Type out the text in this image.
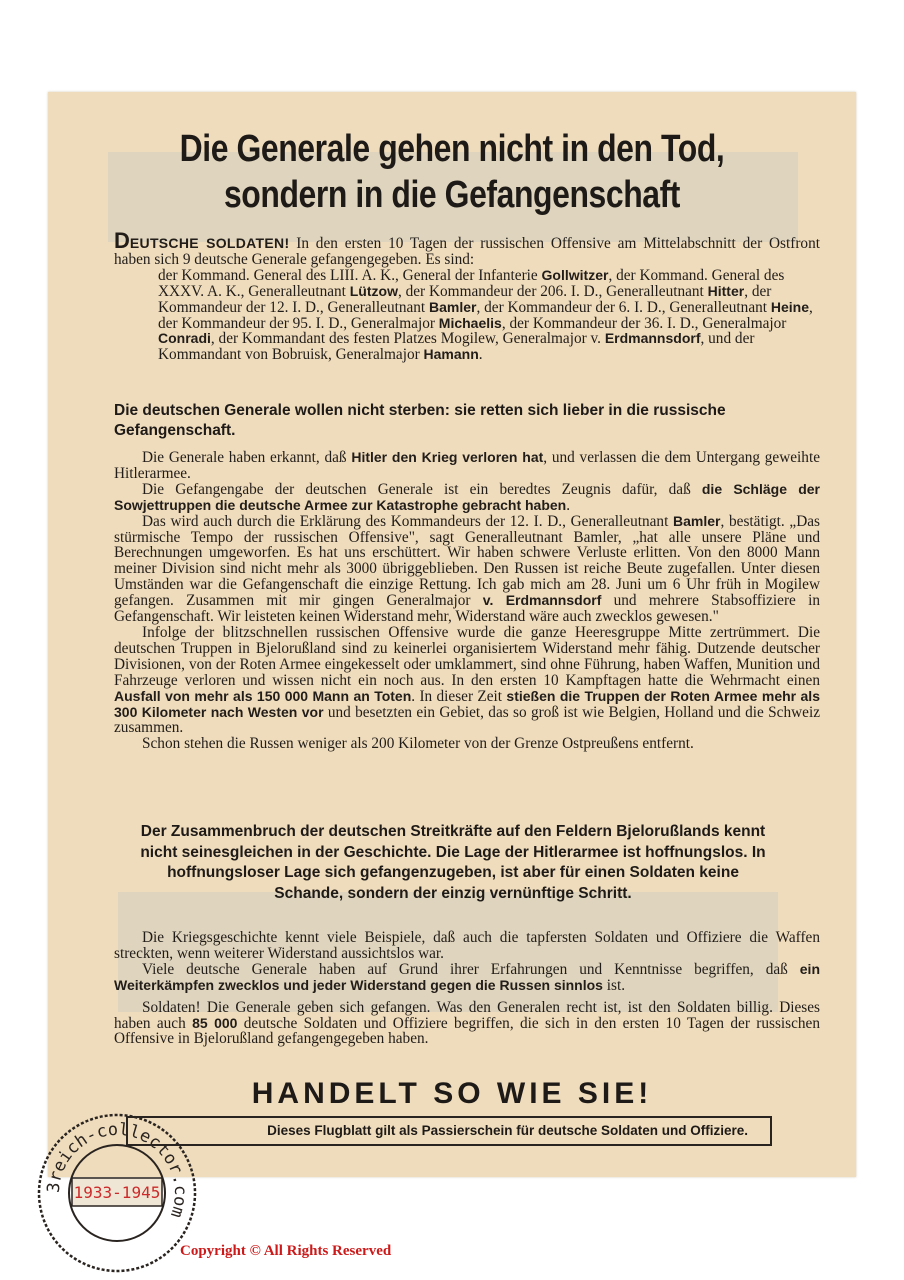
Die Generale gehen nicht in den Tod,
sondern in die Gefangenschaft

DEUTSCHE SOLDATEN! In den ersten 10 Tagen der russischen Offensive am Mittelabschnitt der Ostfront haben sich 9 deutsche Generale gefangengegeben. Es sind:

der Kommand. General des LIII. A. K., General der Infanterie Gollwitzer, der Kommand. General des XXXV. A. K., Generalleutnant Lützow, der Kommandeur der 206. I. D., Generalleutnant Hitter, der Kommandeur der 12. I. D., Generalleutnant Bamler, der Kommandeur der 6. I. D., Generalleutnant Heine, der Kommandeur der 95. I. D., Generalmajor Michaelis, der Kommandeur der 36. I. D., Generalmajor Conradi, der Kommandant des festen Platzes Mogilew, Generalmajor v. Erdmannsdorf, und der Kommandant von Bobruisk, Generalmajor Hamann.

Die deutschen Generale wollen nicht sterben: sie retten sich lieber in die russische Gefangenschaft.

Die Generale haben erkannt, daß Hitler den Krieg verloren hat, und verlassen die dem Untergang geweihte Hitlerarmee.

Die Gefangengabe der deutschen Generale ist ein beredtes Zeugnis dafür, daß die Schläge der Sowjettruppen die deutsche Armee zur Katastrophe gebracht haben.

Das wird auch durch die Erklärung des Kommandeurs der 12. I. D., Generalleutnant Bamler, bestätigt. „Das stürmische Tempo der russischen Offensive", sagt Generalleutnant Bamler, „hat alle unsere Pläne und Berechnungen umgeworfen. Es hat uns erschüttert. Wir haben schwere Verluste erlitten. Von den 8000 Mann meiner Division sind nicht mehr als 3000 übriggeblieben. Den Russen ist reiche Beute zugefallen. Unter diesen Umständen war die Gefangenschaft die einzige Rettung. Ich gab mich am 28. Juni um 6 Uhr früh in Mogilew gefangen. Zusammen mit mir gingen Generalmajor v. Erdmannsdorf und mehrere Stabsoffiziere in Gefangenschaft. Wir leisteten keinen Widerstand mehr, Widerstand wäre auch zwecklos gewesen."

Infolge der blitzschnellen russischen Offensive wurde die ganze Heeresgruppe Mitte zertrümmert. Die deutschen Truppen in Bjelorußland sind zu keinerlei organisiertem Widerstand mehr fähig. Dutzende deutscher Divisionen, von der Roten Armee eingekesselt oder umklammert, sind ohne Führung, haben Waffen, Munition und Fahrzeuge verloren und wissen nicht ein noch aus. In den ersten 10 Kampftagen hatte die Wehrmacht einen Ausfall von mehr als 150 000 Mann an Toten. In dieser Zeit stießen die Truppen der Roten Armee mehr als 300 Kilometer nach Westen vor und besetzten ein Gebiet, das so groß ist wie Belgien, Holland und die Schweiz zusammen.

Schon stehen die Russen weniger als 200 Kilometer von der Grenze Ostpreußens entfernt.

Der Zusammenbruch der deutschen Streitkräfte auf den Feldern Bjelorußlands kennt nicht seinesgleichen in der Geschichte. Die Lage der Hitlerarmee ist hoffnungslos. In hoffnungsloser Lage sich gefangenzugeben, ist aber für einen Soldaten keine Schande, sondern der einzig vernünftige Schritt.

Die Kriegsgeschichte kennt viele Beispiele, daß auch die tapfersten Soldaten und Offiziere die Waffen streckten, wenn weiterer Widerstand aussichtslos war.

Viele deutsche Generale haben auf Grund ihrer Erfahrungen und Kenntnisse begriffen, daß ein Weiterkämpfen zwecklos und jeder Widerstand gegen die Russen sinnlos ist.

Soldaten! Die Generale geben sich gefangen. Was den Generalen recht ist, ist den Soldaten billig. Dieses haben auch 85 000 deutsche Soldaten und Offiziere begriffen, die sich in den ersten 10 Tagen der russischen Offensive in Bjelorußland gefangengegeben haben.

HANDELT SO WIE SIE!
Dieses Flugblatt gilt als Passierschein für deutsche Soldaten und Offiziere.
3reich-collector.com
1933-1945
Copyright © All Rights Reserved
